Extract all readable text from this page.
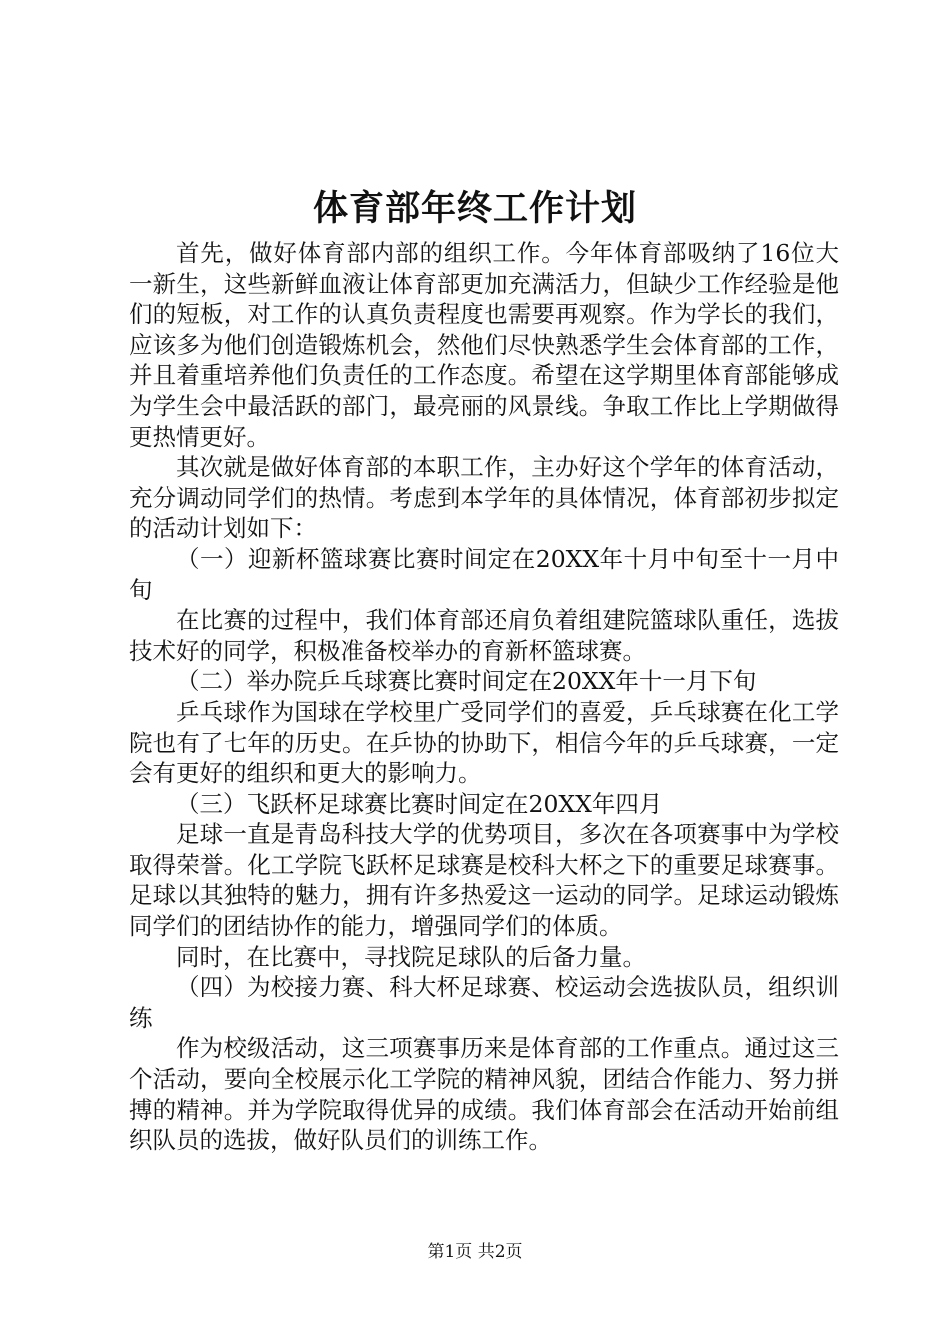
体育部年终工作计划

首先，做好体育部内部的组织工作。今年体育部吸纳了16位大一新生，这些新鲜血液让体育部更加充满活力，但缺少工作经验是他们的短板，对工作的认真负责程度也需要再观察。作为学长的我们，应该多为他们创造锻炼机会，然他们尽快熟悉学生会体育部的工作，并且着重培养他们负责任的工作态度。希望在这学期里体育部能够成为学生会中最活跃的部门，最亮丽的风景线。争取工作比上学期做得更热情更好。

其次就是做好体育部的本职工作，主办好这个学年的体育活动，充分调动同学们的热情。考虑到本学年的具体情况，体育部初步拟定的活动计划如下：

（一）迎新杯篮球赛比赛时间定在20XX年十月中旬至十一月中旬

在比赛的过程中，我们体育部还肩负着组建院篮球队重任，选拔技术好的同学，积极准备校举办的育新杯篮球赛。

（二）举办院乒乓球赛比赛时间定在20XX年十一月下旬

乒乓球作为国球在学校里广受同学们的喜爱，乒乓球赛在化工学院也有了七年的历史。在乒协的协助下，相信今年的乒乓球赛，一定会有更好的组织和更大的影响力。

（三）飞跃杯足球赛比赛时间定在20XX年四月

足球一直是青岛科技大学的优势项目，多次在各项赛事中为学校取得荣誉。化工学院飞跃杯足球赛是校科大杯之下的重要足球赛事。足球以其独特的魅力，拥有许多热爱这一运动的同学。足球运动锻炼同学们的团结协作的能力，增强同学们的体质。

同时，在比赛中，寻找院足球队的后备力量。

（四）为校接力赛、科大杯足球赛、校运动会选拔队员，组织训练

作为校级活动，这三项赛事历来是体育部的工作重点。通过这三个活动，要向全校展示化工学院的精神风貌，团结合作能力、努力拼搏的精神。并为学院取得优异的成绩。我们体育部会在活动开始前组织队员的选拔，做好队员们的训练工作。

第1页 共2页
